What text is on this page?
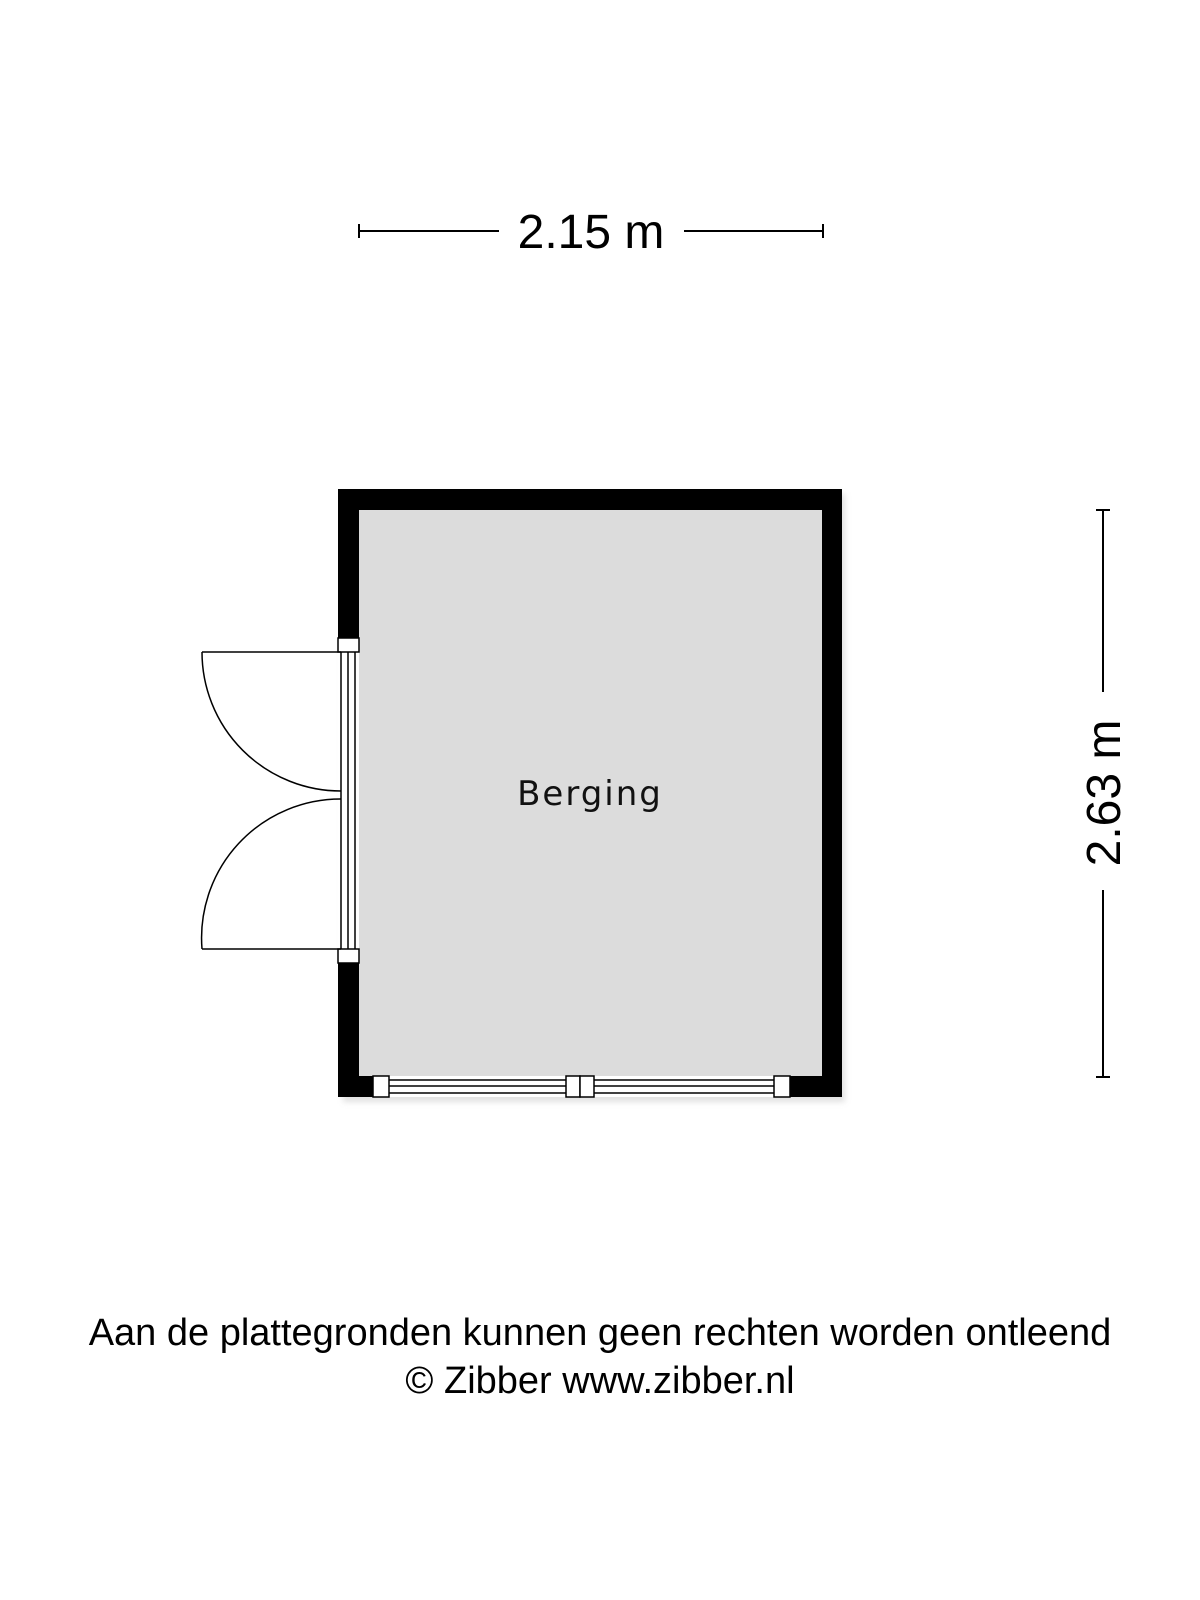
2.15 m
2.63 m
Berging
Aan de plattegronden kunnen geen rechten worden ontleend
© Zibber www.zibber.nl
